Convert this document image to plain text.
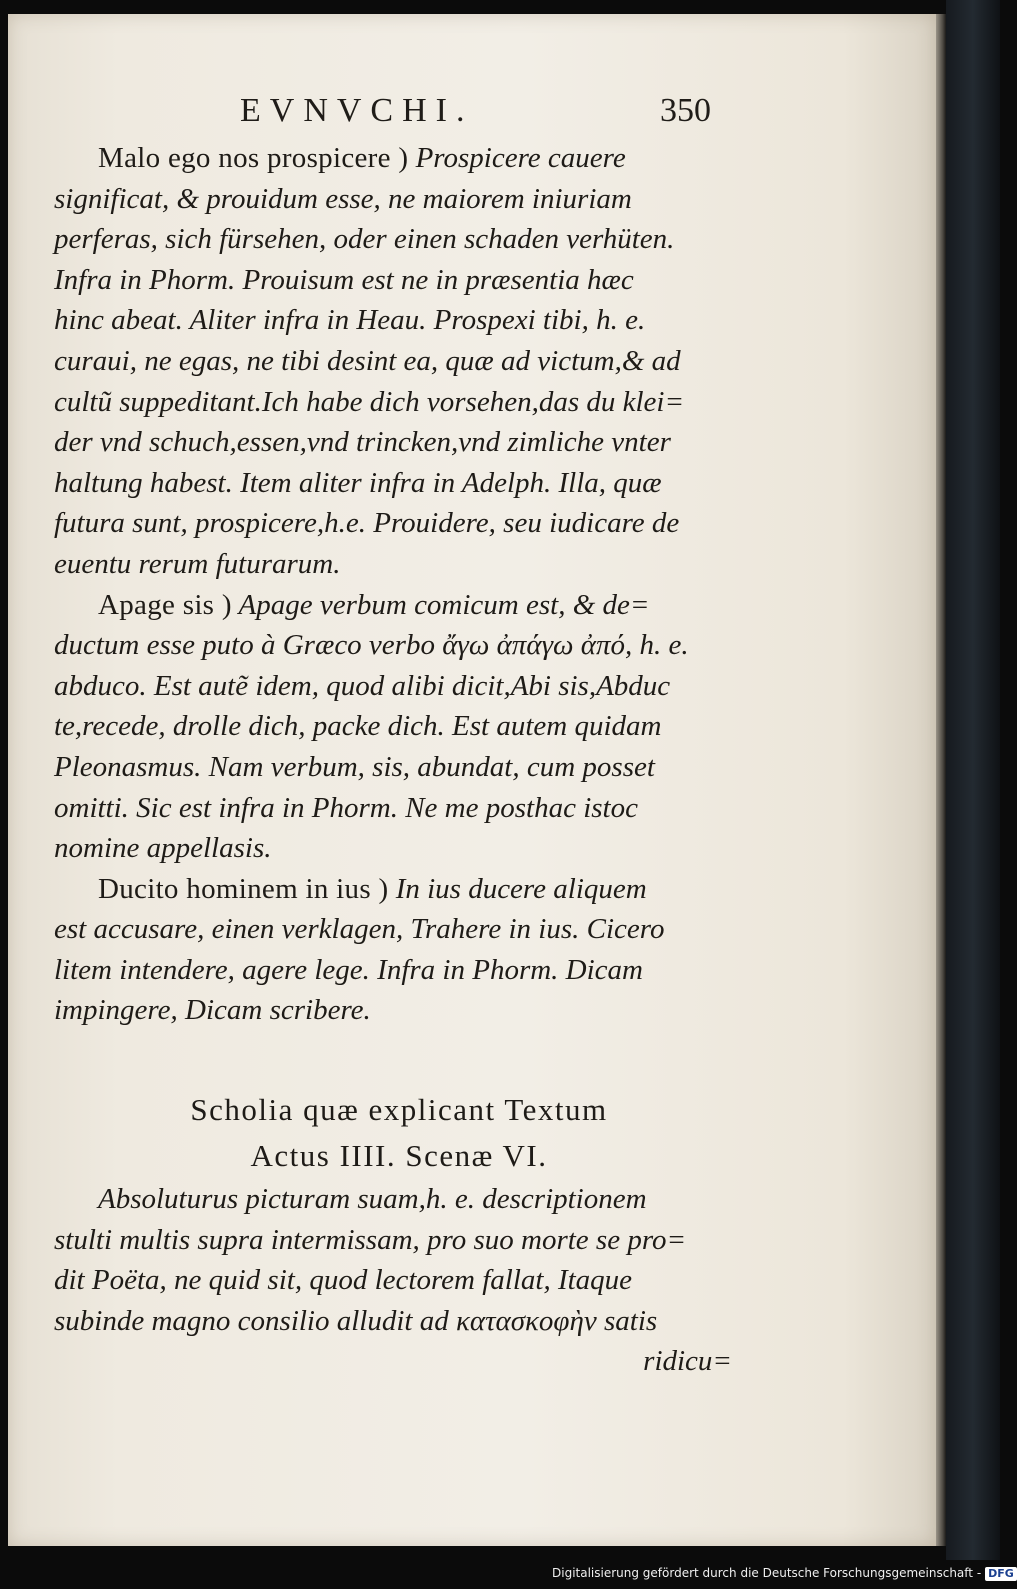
EVNVCHI.	350
Malo ego nos prospicere ) Prospicere cauere
significat, & prouidum esse, ne maiorem iniuriam
perferas, sich fürsehen, oder einen schaden verhüten.
Infra in Phorm. Prouisum est ne in præsentia hæc
hinc abeat. Aliter infra in Heau. Prospexi tibi, h. e.
curaui, ne egas, ne tibi desint ea, quæ ad victum,& ad
cultũ suppeditant.Ich habe dich vorsehen,das du klei=
der vnd schuch,essen,vnd trincken,vnd zimliche vnter
haltung habest. Item aliter infra in Adelph. Illa, quæ
futura sunt, prospicere,h.e. Prouidere, seu iudicare de
euentu rerum futurarum.
Apage sis ) Apage verbum comicum est, & de=
ductum esse puto à Græco verbo ἄγω ἀπάγω ἀπό, h. e.
abduco. Est autẽ idem, quod alibi dicit,Abi sis,Abduc
te,recede, drolle dich, packe dich. Est autem quidam
Pleonasmus. Nam verbum, sis, abundat, cum posset
omitti. Sic est infra in Phorm. Ne me posthac istoc
nomine appellasis.
Ducito hominem in ius ) In ius ducere aliquem
est accusare, einen verklagen, Trahere in ius. Cicero
litem intendere, agere lege. Infra in Phorm. Dicam
impingere, Dicam scribere.
Scholia quæ explicant Textum
Actus IIII. Scenæ VI.
Absoluturus picturam suam,h. e. descriptionem
stulti multis supra intermissam, pro suo morte se pro=
dit Poëta, ne quid sit, quod lectorem fallat, Itaque
subinde magno consilio alludit ad κατασκοφὴν satis
ridicu=
Digitalisierung gefördert durch die Deutsche Forschungsgemeinschaft - DFG
